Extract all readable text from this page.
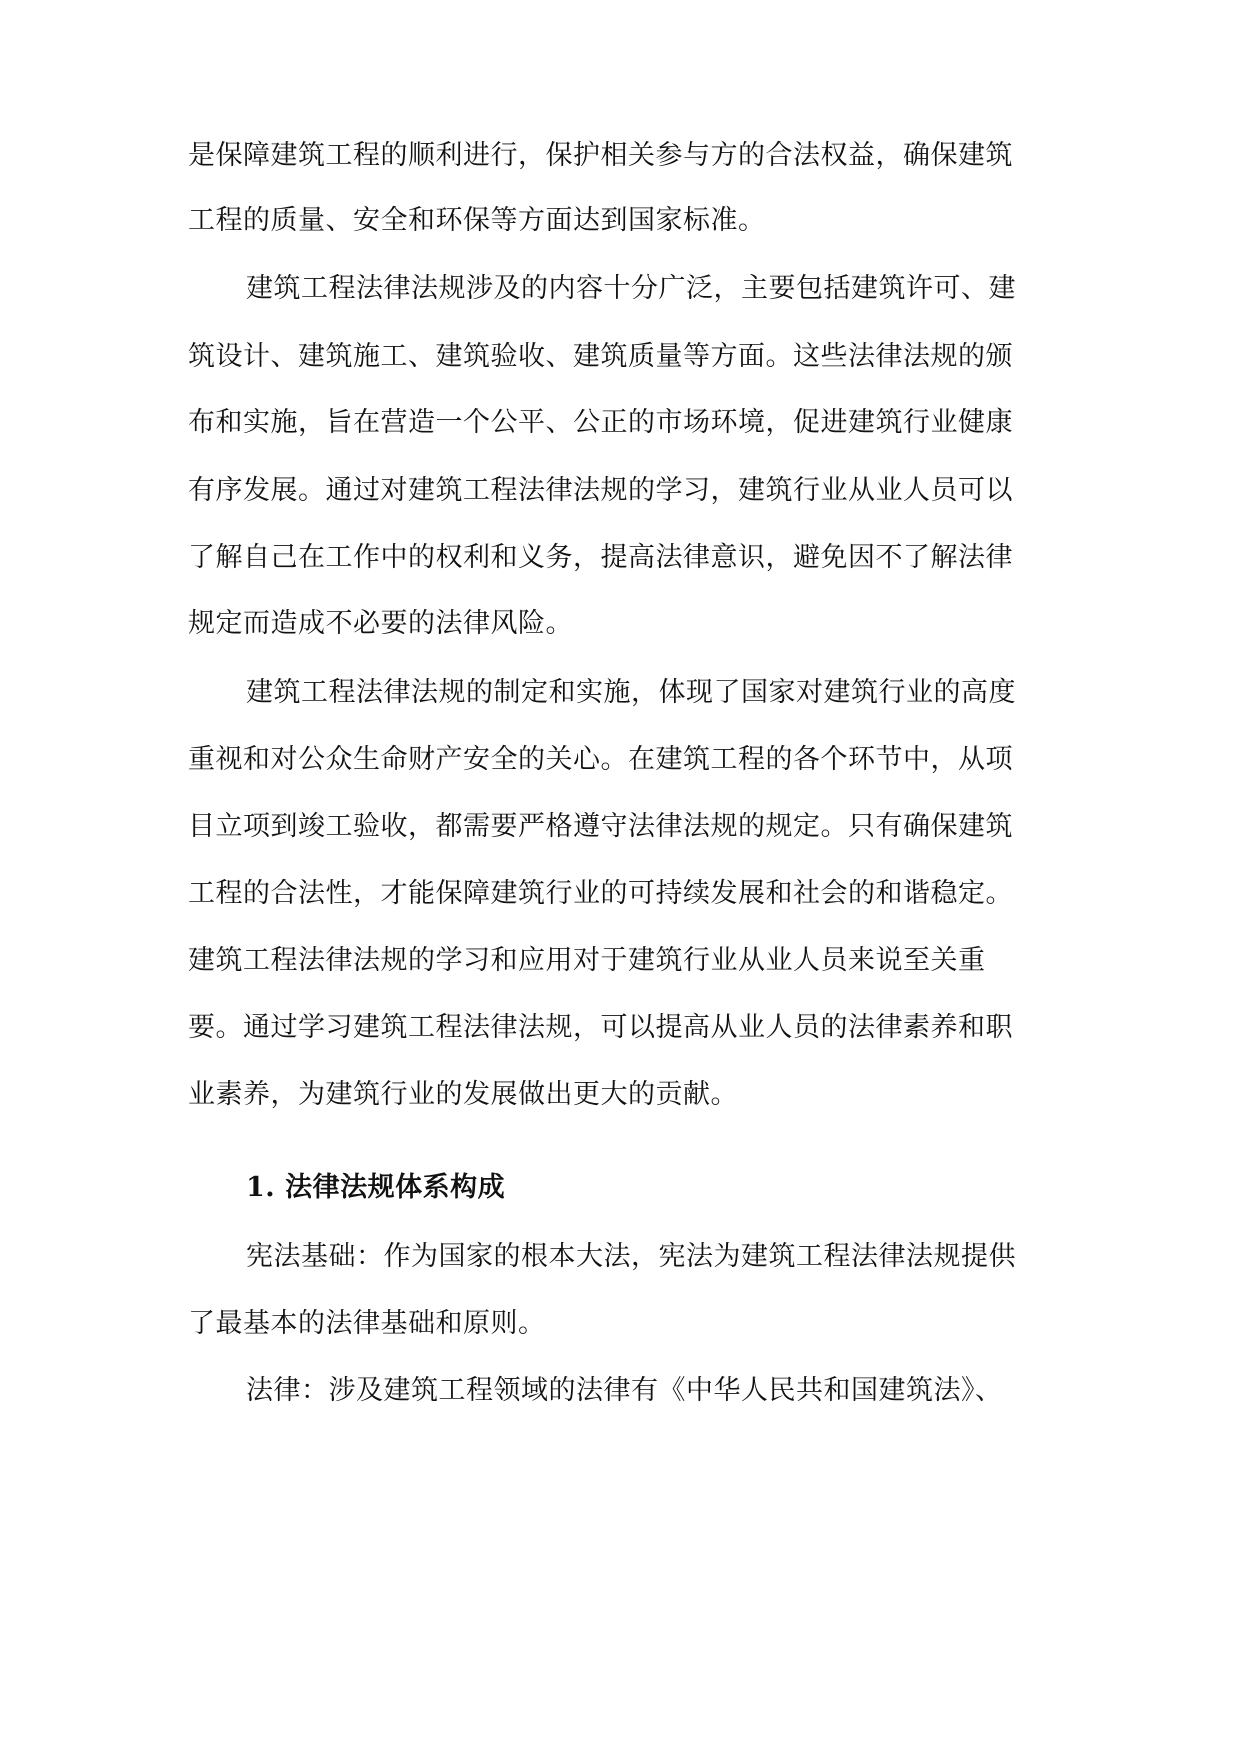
是保障建筑工程的顺利进行，保护相关参与方的合法权益，确保建筑
工程的质量、安全和环保等方面达到国家标准。
建筑工程法律法规涉及的内容十分广泛，主要包括建筑许可、建
筑设计、建筑施工、建筑验收、建筑质量等方面。这些法律法规的颁
布和实施，旨在营造一个公平、公正的市场环境，促进建筑行业健康
有序发展。通过对建筑工程法律法规的学习，建筑行业从业人员可以
了解自己在工作中的权利和义务，提高法律意识，避免因不了解法律
规定而造成不必要的法律风险。
建筑工程法律法规的制定和实施，体现了国家对建筑行业的高度
重视和对公众生命财产安全的关心。在建筑工程的各个环节中，从项
目立项到竣工验收，都需要严格遵守法律法规的规定。只有确保建筑
工程的合法性，才能保障建筑行业的可持续发展和社会的和谐稳定。
建筑工程法律法规的学习和应用对于建筑行业从业人员来说至关重
要。通过学习建筑工程法律法规，可以提高从业人员的法律素养和职
业素养，为建筑行业的发展做出更大的贡献。
1. 法律法规体系构成
宪法基础：作为国家的根本大法，宪法为建筑工程法律法规提供
了最基本的法律基础和原则。
法律：涉及建筑工程领域的法律有《中华人民共和国建筑法》、
